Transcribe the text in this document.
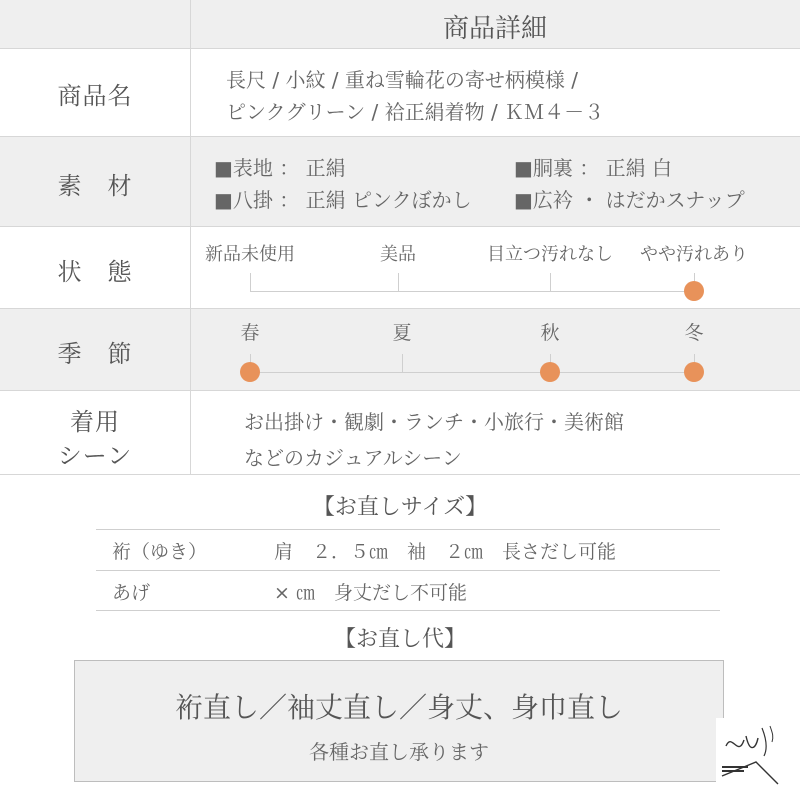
商品詳細
商品名
長尺 / 小紋 / 重ね雪輪花の寄せ柄模様 /
ピンクグリーン / 袷正絹着物 / ＫＭ４－３
素　材
■表地 ： 正絹	■胴裏 ： 正絹 白
■八掛 ： 正絹 ピンクぼかし ■広衿 ・ はだかスナップ
状　態
新品未使用	美品	目立つ汚れなし やや汚れあり
季　節
春	夏	秋	冬
着用
シーン
お出掛け・観劇・ランチ・小旅行・美術館
などのカジュアルシーン
【お直しサイズ】
裄（ゆき）	肩　２．５㎝　袖　２㎝　長さだし可能
あげ	× ㎝　身丈だし不可能
【お直し代】
裄直し／袖丈直し／身丈、身巾直し
各種お直し承ります
